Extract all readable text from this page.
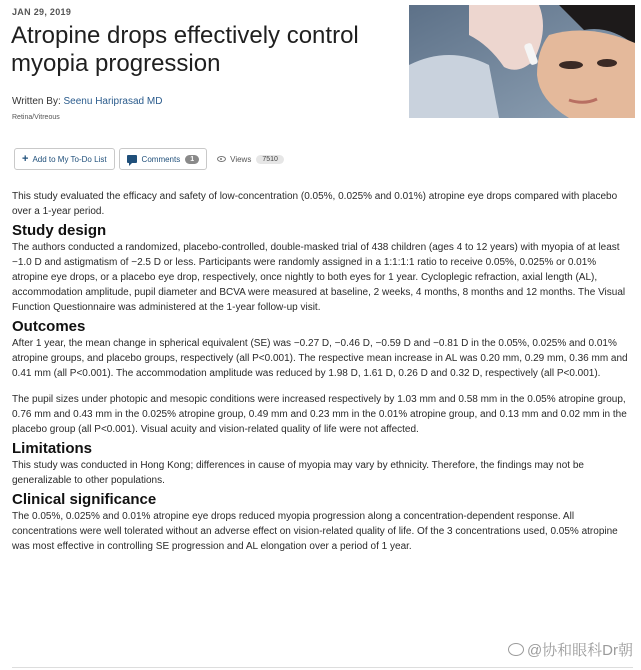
JAN 29, 2019
Atropine drops effectively control myopia progression
Written By: Seenu Hariprasad MD
Retina/Vitreous
+ Add to My To-Do List	Comments	1	Views	7510

This study evaluated the efficacy and safety of low-concentration (0.05%, 0.025% and 0.01%) atropine eye drops compared with placebo over a 1-year period.

Study design

The authors conducted a randomized, placebo-controlled, double-masked trial of 438 children (ages 4 to 12 years) with myopia of at least −1.0 D and astigmatism of −2.5 D or less. Participants were randomly assigned in a 1:1:1:1 ratio to receive 0.05%, 0.025% or 0.01% atropine eye drops, or a placebo eye drop, respectively, once nightly to both eyes for 1 year. Cycloplegic refraction, axial length (AL), accommodation amplitude, pupil diameter and BCVA were measured at baseline, 2 weeks, 4 months, 8 months and 12 months. The Visual Function Questionnaire was administered at the 1-year follow-up visit.

Outcomes

After 1 year, the mean change in spherical equivalent (SE) was −0.27 D, −0.46 D, −0.59 D and −0.81 D in the 0.05%, 0.025% and 0.01% atropine groups, and placebo groups, respectively (all P<0.001). The respective mean increase in AL was 0.20 mm, 0.29 mm, 0.36 mm and 0.41 mm (all P<0.001). The accommodation amplitude was reduced by 1.98 D, 1.61 D, 0.26 D and 0.32 D, respectively (all P<0.001).

The pupil sizes under photopic and mesopic conditions were increased respectively by 1.03 mm and 0.58 mm in the 0.05% atropine group, 0.76 mm and 0.43 mm in the 0.025% atropine group, 0.49 mm and 0.23 mm in the 0.01% atropine group, and 0.13 mm and 0.02 mm in the placebo group (all P<0.001). Visual acuity and vision-related quality of life were not affected.

Limitations

This study was conducted in Hong Kong; differences in cause of myopia may vary by ethnicity. Therefore, the findings may not be generalizable to other populations.

Clinical significance

The 0.05%, 0.025% and 0.01% atropine eye drops reduced myopia progression along a concentration-dependent response. All concentrations were well tolerated without an adverse effect on vision-related quality of life. Of the 3 concentrations used, 0.05% atropine was most effective in controlling SE progression and AL elongation over a period of 1 year.

@协和眼科Dr朝
